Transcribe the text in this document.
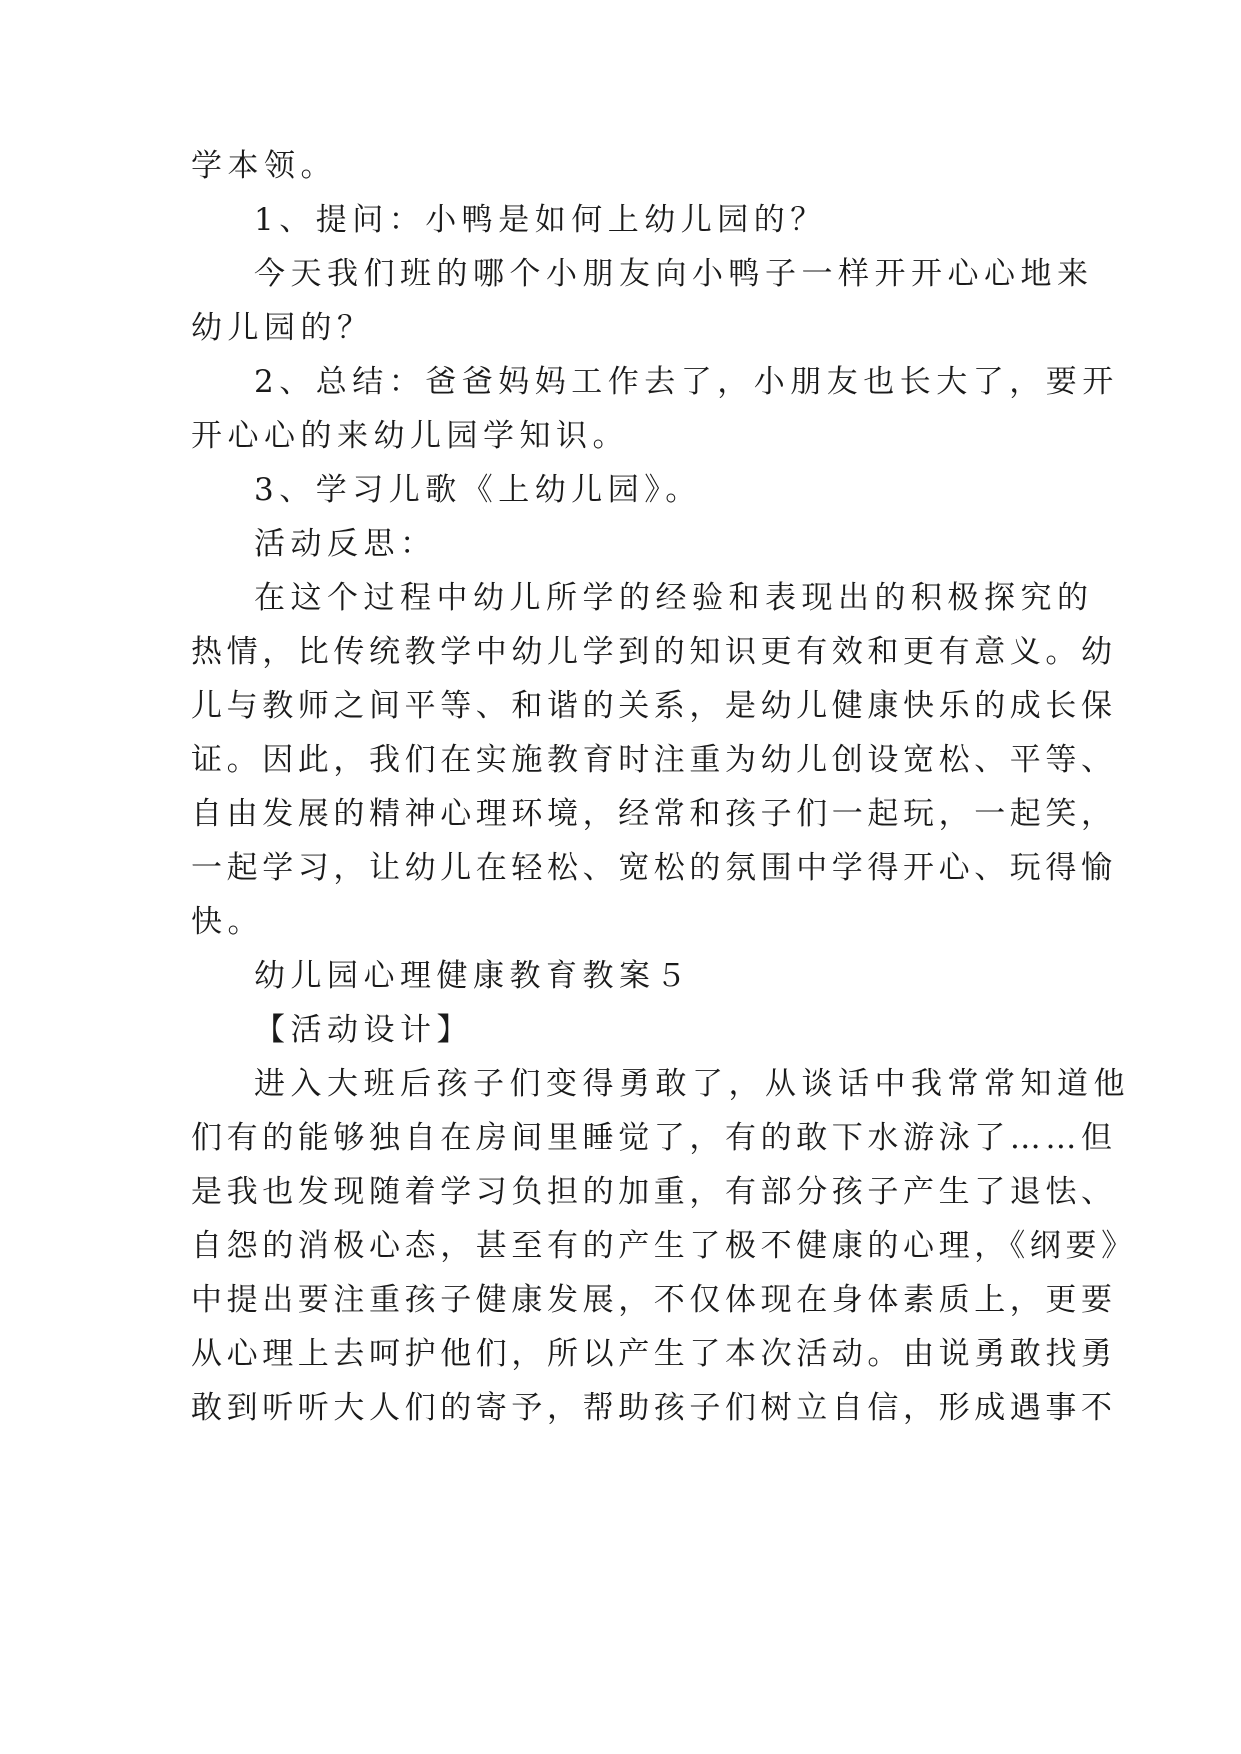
学本领。
1、提问：小鸭是如何上幼儿园的？
今天我们班的哪个小朋友向小鸭子一样开开心心地来
幼儿园的？
2、总结：爸爸妈妈工作去了，小朋友也长大了，要开
开心心的来幼儿园学知识。
3、学习儿歌《上幼儿园》。
活动反思：
在这个过程中幼儿所学的经验和表现出的积极探究的
热情，比传统教学中幼儿学到的知识更有效和更有意义。幼
儿与教师之间平等、和谐的关系，是幼儿健康快乐的成长保
证。因此，我们在实施教育时注重为幼儿创设宽松、平等、
自由发展的精神心理环境，经常和孩子们一起玩，一起笑，
一起学习，让幼儿在轻松、宽松的氛围中学得开心、玩得愉
快。
幼儿园心理健康教育教案５
【活动设计】
进入大班后孩子们变得勇敢了，从谈话中我常常知道他
们有的能够独自在房间里睡觉了，有的敢下水游泳了……但
是我也发现随着学习负担的加重，有部分孩子产生了退怯、
自怨的消极心态，甚至有的产生了极不健康的心理，《纲要》
中提出要注重孩子健康发展，不仅体现在身体素质上，更要
从心理上去呵护他们，所以产生了本次活动。由说勇敢找勇
敢到听听大人们的寄予，帮助孩子们树立自信，形成遇事不
